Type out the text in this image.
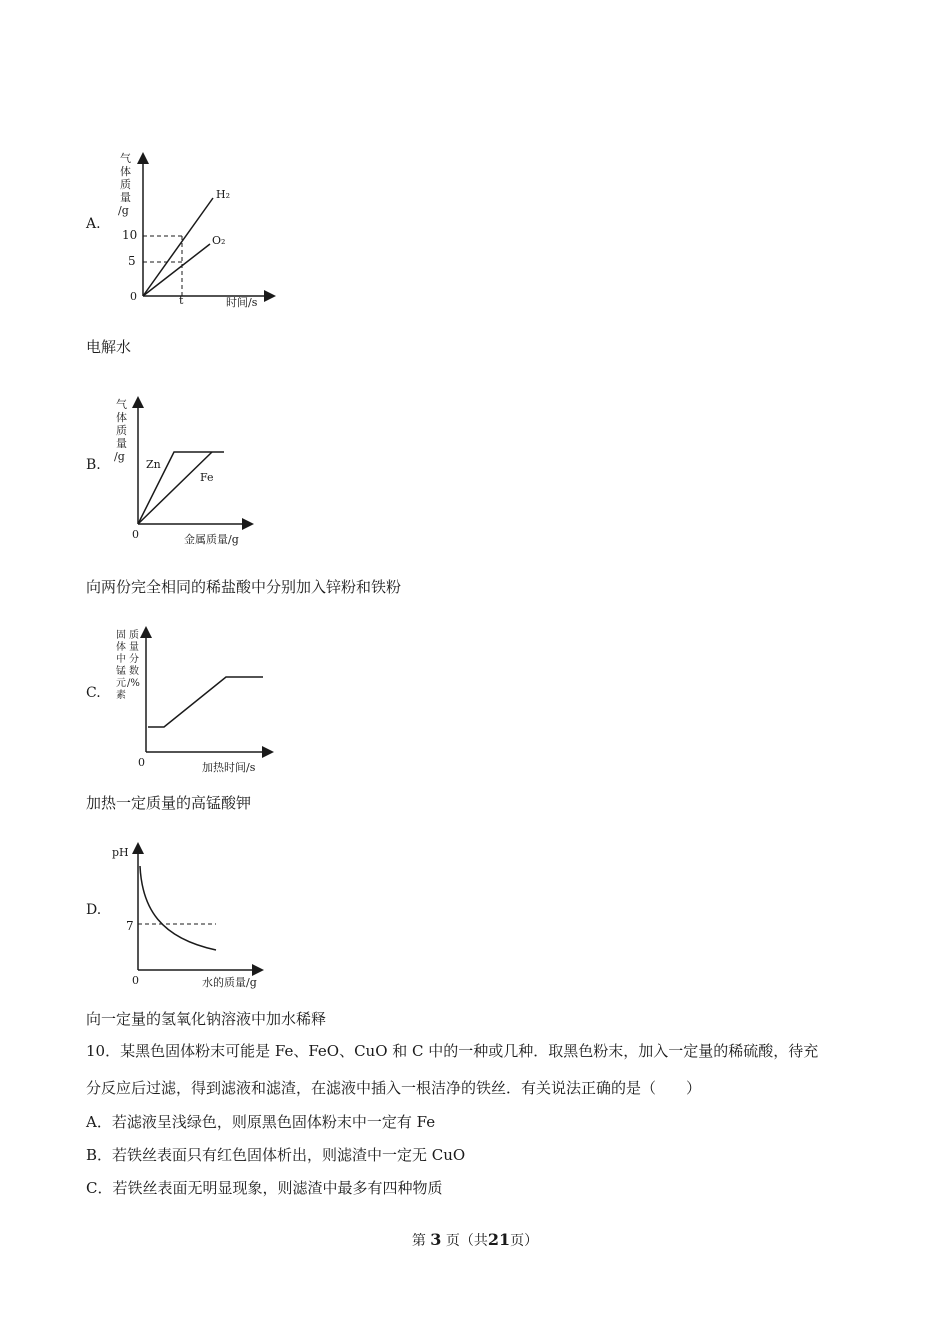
A.
气
体
质
量
/g
10
5
0	t	时间/s
H₂
O₂
电解水
B.
气
体
质
量
/g
0	金属质量/g
Zn
Fe
向两份完全相同的稀盐酸中分别加入锌粉和铁粉
C.
固
体
中
锰
元
素
质
量
分
数
/%
0	加热时间/s
加热一定质量的高锰酸钾
D.
pH
7
0	水的质量/g
向一定量的氢氧化钠溶液中加水稀释
10．某黑色固体粉末可能是 Fe、FeO、CuO 和 C 中的一种或几种．取黑色粉末，加入一定量的稀硫酸，待充
分反应后过滤，得到滤液和滤渣，在滤液中插入一根洁净的铁丝．有关说法正确的是（　　）
A．若滤液呈浅绿色，则原黑色固体粉末中一定有 Fe
B．若铁丝表面只有红色固体析出，则滤渣中一定无 CuO
C．若铁丝表面无明显现象，则滤渣中最多有四种物质
第 3 页（共21页）
